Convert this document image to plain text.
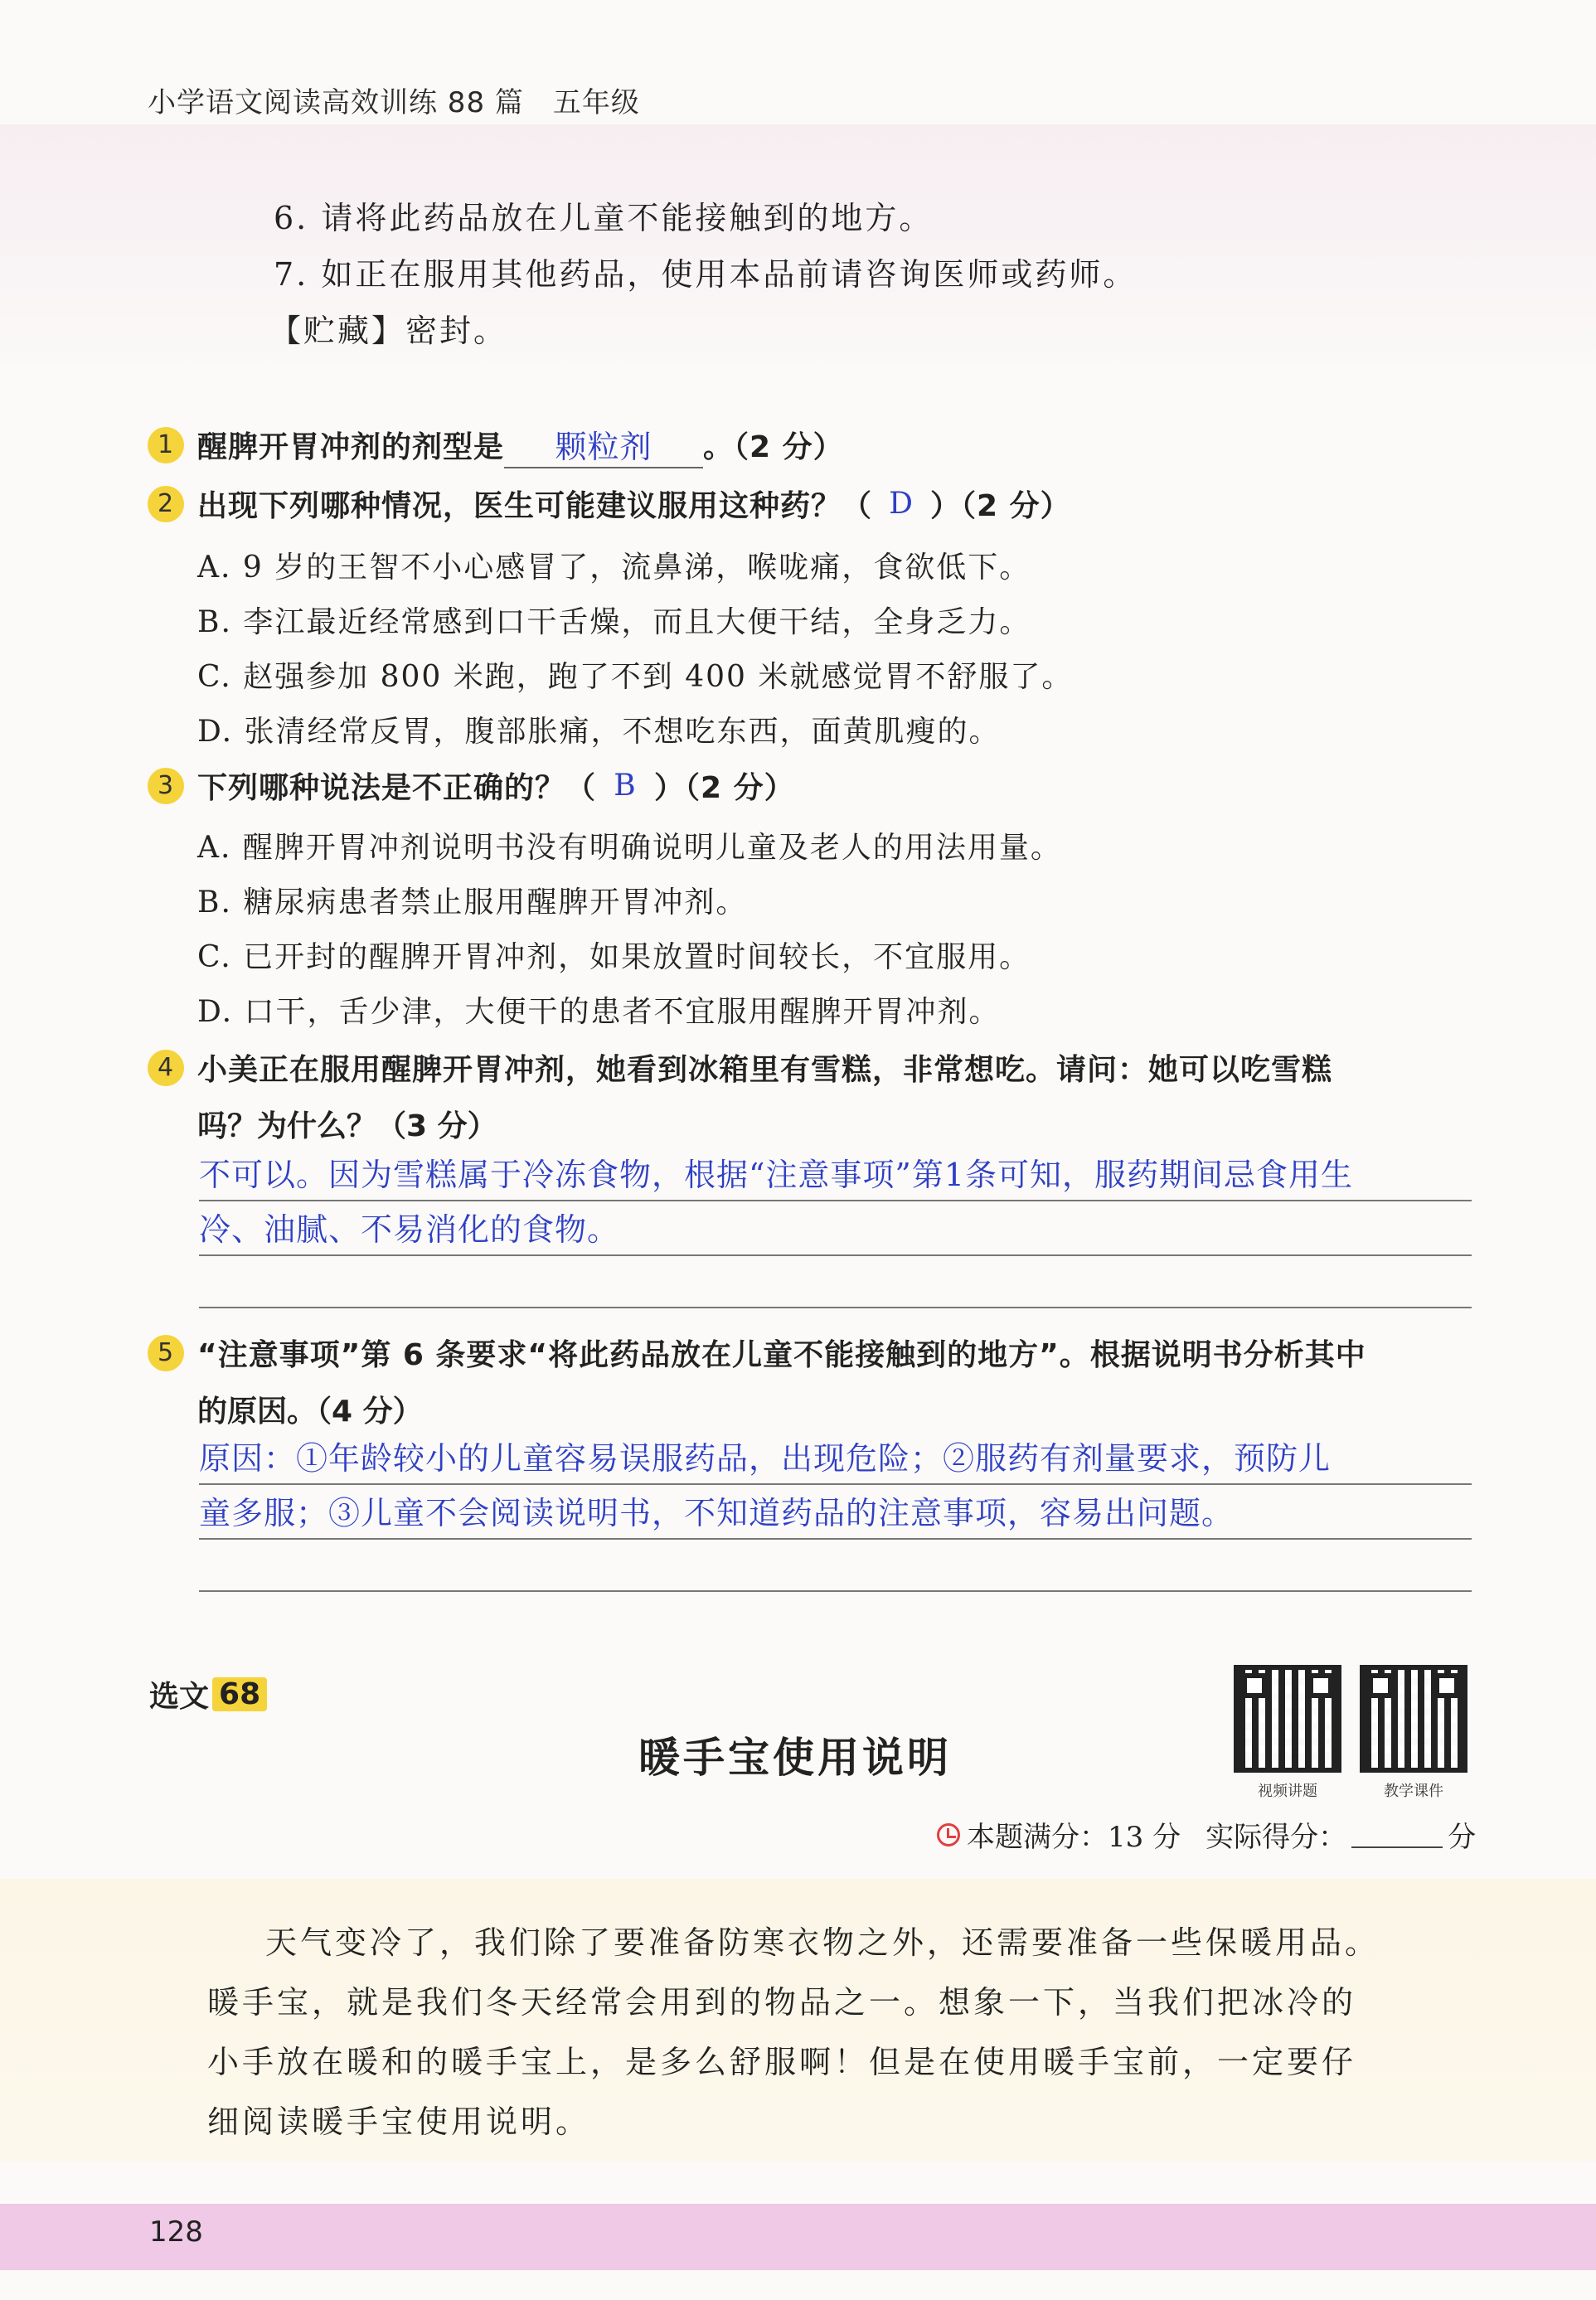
小学语文阅读高效训练 88 篇　五年级
6. 请将此药品放在儿童不能接触到的地方。
7. 如正在服用其他药品，使用本品前请咨询医师或药师。
【贮藏】密封。
1 醒脾开胃冲剂的剂型是	颗粒剂	。（2 分）
2 出现下列哪种情况，医生可能建议服用这种药？（ D ）（2 分）
A. 9 岁的王智不小心感冒了，流鼻涕，喉咙痛，食欲低下。
B. 李江最近经常感到口干舌燥，而且大便干结，全身乏力。
C. 赵强参加 800 米跑，跑了不到 400 米就感觉胃不舒服了。
D. 张清经常反胃，腹部胀痛，不想吃东西，面黄肌瘦的。
3 下列哪种说法是不正确的？（ B ）（2 分）
A. 醒脾开胃冲剂说明书没有明确说明儿童及老人的用法用量。
B. 糖尿病患者禁止服用醒脾开胃冲剂。
C. 已开封的醒脾开胃冲剂，如果放置时间较长，不宜服用。
D. 口干，舌少津，大便干的患者不宜服用醒脾开胃冲剂。
4 小美正在服用醒脾开胃冲剂，她看到冰箱里有雪糕，非常想吃。请问：她可以吃雪糕
吗？为什么？（3 分）
不可以。因为雪糕属于冷冻食物，根据“注意事项”第1条可知，服药期间忌食用生
冷、油腻、不易消化的食物。
5 “注意事项”第 6 条要求“将此药品放在儿童不能接触到的地方”。根据说明书分析其中
的原因。（4 分）
原因：①年龄较小的儿童容易误服药品，出现危险；②服药有剂量要求，预防儿
童多服；③儿童不会阅读说明书，不知道药品的注意事项，容易出问题。
选文 68
暖手宝使用说明
视频讲题	教学课件
本题满分：13 分 实际得分：	分
天气变冷了，我们除了要准备防寒衣物之外，还需要准备一些保暖用品。
暖手宝，就是我们冬天经常会用到的物品之一。想象一下，当我们把冰冷的
小手放在暖和的暖手宝上，是多么舒服啊！但是在使用暖手宝前，一定要仔
细阅读暖手宝使用说明。
128
